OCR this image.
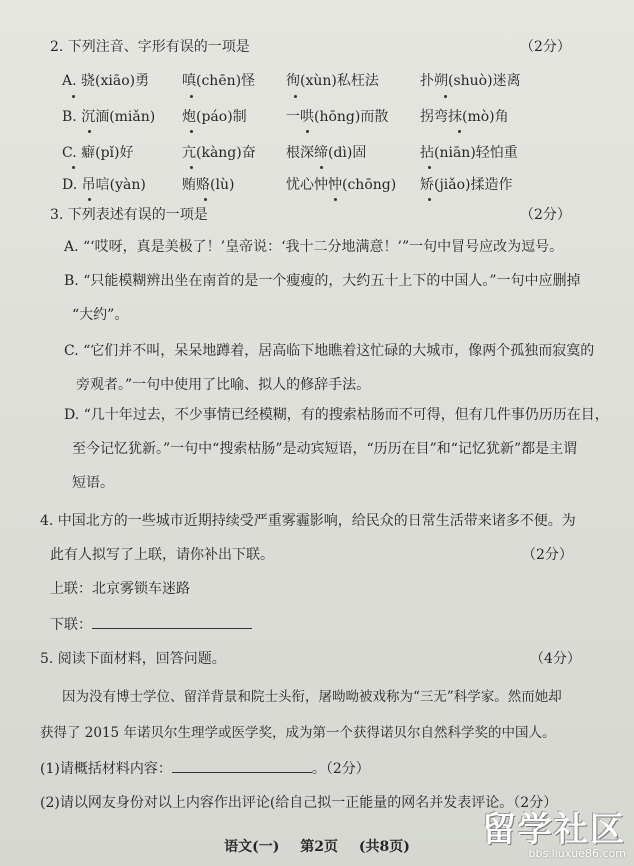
2. 下列注音、字形有误的一项是	（2分）
A. 骁(xiāo)勇 嗔(chēn)怪 徇(xùn)私枉法	扑朔(shuò)迷离
B. 沉湎(miǎn) 炮(páo)制	一哄(hōng)而散 拐弯抹(mò)角
C. 癖(pǐ)好	亢(kàng)奋 根深缔(dì)固	拈(niān)轻怕重
D. 吊唁(yàn)	贿赂(lù)	忧心忡忡(chōng) 矫(jiǎo)揉造作
3. 下列表述有误的一项是	（2分）
A. “‘哎呀，真是美极了！’皇帝说：‘我十二分地满意！’”一句中冒号应改为逗号。
B. “只能模糊辨出坐在南首的是一个瘦瘦的，大约五十上下的中国人。”一句中应删掉
“大约”。
C. “它们并不叫，呆呆地蹲着，居高临下地瞧着这忙碌的大城市，像两个孤独而寂寞的
旁观者。”一句中使用了比喻、拟人的修辞手法。
D. “几十年过去，不少事情已经模糊，有的搜索枯肠而不可得，但有几件事仍历历在目，
至今记忆犹新。”一句中“搜索枯肠”是动宾短语，“历历在目”和“记忆犹新”都是主谓
短语。
4. 中国北方的一些城市近期持续受严重雾霾影响，给民众的日常生活带来诸多不便。为
此有人拟写了上联，请你补出下联。	（2分）
上联：北京雾锁车迷路
下联：
5. 阅读下面材料，回答问题。	（4分）
因为没有博士学位、留洋背景和院士头衔，屠呦呦被戏称为“三无”科学家。然而她却
获得了 2015 年诺贝尔生理学或医学奖，成为第一个获得诺贝尔自然科学奖的中国人。
(1)请概括材料内容：	。（2分）
(2)请以网友身份对以上内容作出评论(给自己拟一正能量的网名并发表评论。（2分）
语文(一) 第2页 (共8页)	留学社区
bbs.liuxue86.com
